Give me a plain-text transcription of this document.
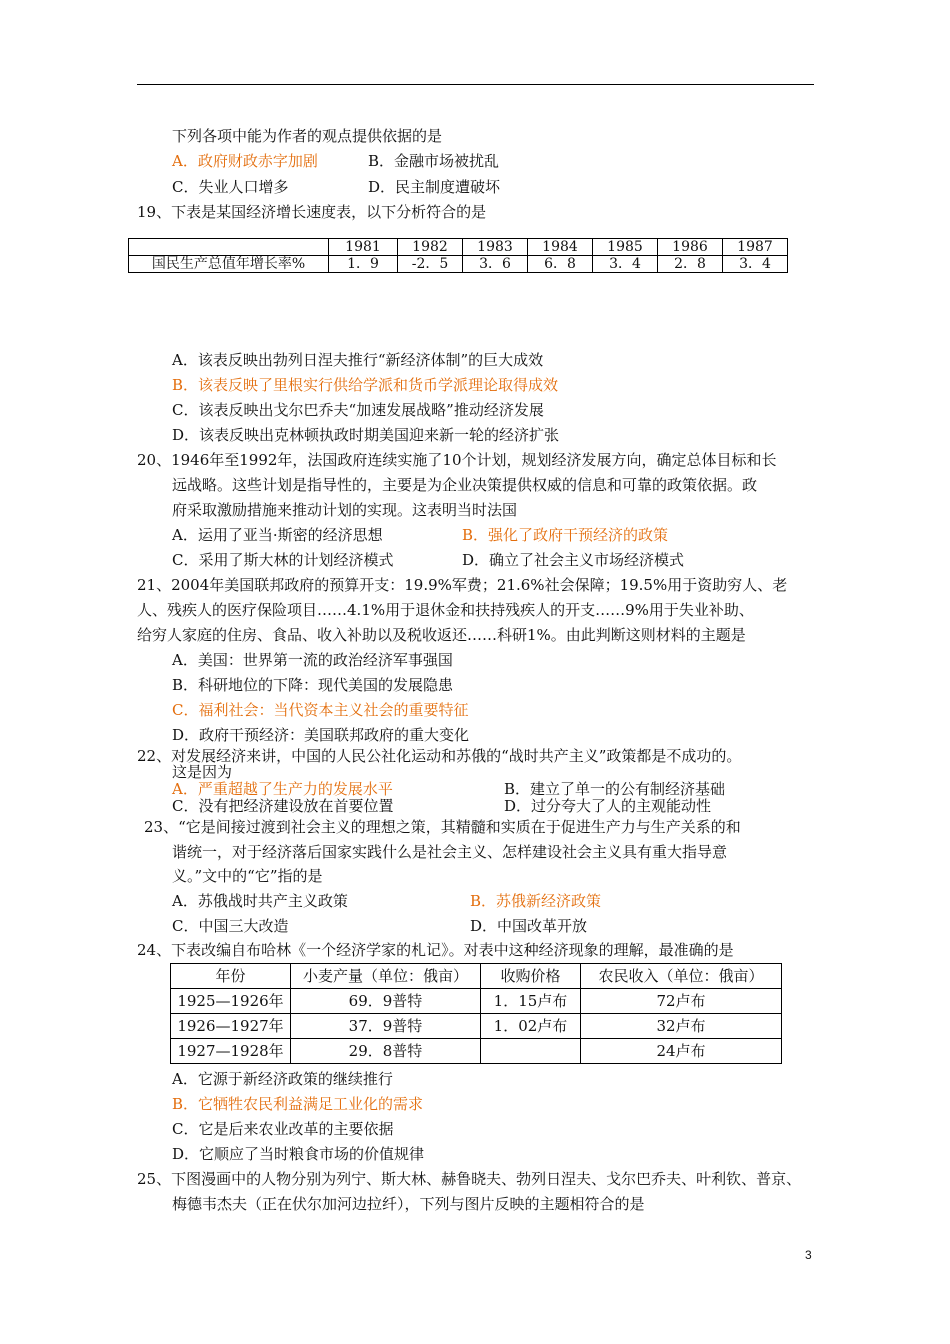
下列各项中能为作者的观点提供依据的是
A．政府财政赤字加剧	B．金融市场被扰乱
C．失业人口增多	D．民主制度遭破坏
19、下表是某国经济增长速度表，以下分析符合的是
	1981	1982	1983	1984	1985	1986	1987
国民生产总值年增长率%	1．9	-2．5	3．6	6．8	3．4	2．8	3．4
A．该表反映出勃列日涅夫推行“新经济体制”的巨大成效
B．该表反映了里根实行供给学派和货币学派理论取得成效
C．该表反映出戈尔巴乔夫“加速发展战略”推动经济发展
D．该表反映出克林顿执政时期美国迎来新一轮的经济扩张
20、1946年至1992年，法国政府连续实施了10个计划，规划经济发展方向，确定总体目标和长
远战略。这些计划是指导性的，主要是为企业决策提供权威的信息和可靠的政策依据。政
府采取激励措施来推动计划的实现。这表明当时法国
A．运用了亚当·斯密的经济思想	B．强化了政府干预经济的政策
C．采用了斯大林的计划经济模式	D．确立了社会主义市场经济模式
21、2004年美国联邦政府的预算开支：19.9%军费；21.6%社会保障；19.5%用于资助穷人、老
人、残疾人的医疗保险项目……4.1%用于退休金和扶持残疾人的开支……9%用于失业补助、
给穷人家庭的住房、食品、收入补助以及税收返还……科研1%。由此判断这则材料的主题是
A．美国：世界第一流的政治经济军事强国
B．科研地位的下降：现代美国的发展隐患
C．福利社会：当代资本主义社会的重要特征
D．政府干预经济：美国联邦政府的重大变化
22、对发展经济来讲，中国的人民公社化运动和苏俄的“战时共产主义”政策都是不成功的。
这是因为
A．严重超越了生产力的发展水平	B．建立了单一的公有制经济基础
C．没有把经济建设放在首要位置	D．过分夸大了人的主观能动性
23、“它是间接过渡到社会主义的理想之策，其精髓和实质在于促进生产力与生产关系的和
谐统一，对于经济落后国家实践什么是社会主义、怎样建设社会主义具有重大指导意
义。”文中的“它”指的是
A．苏俄战时共产主义政策	B．苏俄新经济政策
C．中国三大改造	D．中国改革开放
24、下表改编自布哈林《一个经济学家的札记》。对表中这种经济现象的理解，最准确的是
年份	小麦产量（单位：俄亩）	收购价格	农民收入（单位：俄亩）
1925—1926年	69．9普特	1．15卢布	72卢布
1926—1927年	37．9普特	1．02卢布	32卢布
1927—1928年	29．8普特		24卢布
A．它源于新经济政策的继续推行
B．它牺牲农民利益满足工业化的需求
C．它是后来农业改革的主要依据
D．它顺应了当时粮食市场的价值规律
25、下图漫画中的人物分别为列宁、斯大林、赫鲁晓夫、勃列日涅夫、戈尔巴乔夫、叶利钦、普京、
梅德韦杰夫（正在伏尔加河边拉纤），下列与图片反映的主题相符合的是
3
